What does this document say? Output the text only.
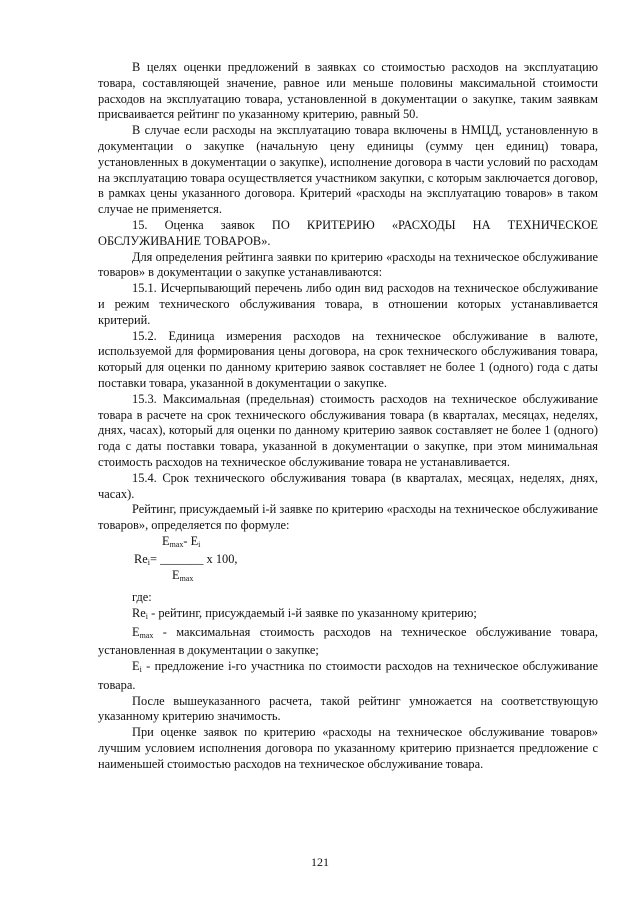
В целях оценки предложений в заявках со стоимостью расходов на эксплуатацию товара, составляющей значение, равное или меньше половины максимальной стоимости расходов на эксплуатацию товара, установленной в документации о закупке, таким заявкам присваивается рейтинг по указанному критерию, равный 50.

В случае если расходы на эксплуатацию товара включены в НМЦД, установленную в документации о закупке (начальную цену единицы (сумму цен единиц) товара, установленных в документации о закупке), исполнение договора в части условий по расходам на эксплуатацию товара осуществляется участником закупки, с которым заключается договор, в рамках цены указанного договора. Критерий «расходы на эксплуатацию товаров» в таком случае не применяется.

15. Оценка заявок ПО КРИТЕРИЮ «РАСХОДЫ НА ТЕХНИЧЕСКОЕ ОБСЛУЖИВАНИЕ ТОВАРОВ».

Для определения рейтинга заявки по критерию «расходы на техническое обслуживание товаров» в документации о закупке устанавливаются:

15.1. Исчерпывающий перечень либо один вид расходов на техническое обслуживание и режим технического обслуживания товара, в отношении которых устанавливается критерий.

15.2. Единица измерения расходов на техническое обслуживание в валюте, используемой для формирования цены договора, на срок технического обслуживания товара, который для оценки по данному критерию заявок составляет не более 1 (одного) года с даты поставки товара, указанной в документации о закупке.

15.3. Максимальная (предельная) стоимость расходов на техническое обслуживание товара в расчете на срок технического обслуживания товара (в кварталах, месяцах, неделях, днях, часах), который для оценки по данному критерию заявок составляет не более 1 (одного) года с даты поставки товара, указанной в документации о закупке, при этом минимальная стоимость расходов на техническое обслуживание товара не устанавливается.

15.4. Срок технического обслуживания товара (в кварталах, месяцах, неделях, днях, часах).

Рейтинг, присуждаемый i-й заявке по критерию «расходы на техническое обслуживание товаров», определяется по формуле:

$E_{max}-$ $E_i$
$Re_i=$ _______ x 100,
$E_{max}$

где:

$Re_i$ - рейтинг, присуждаемый i-й заявке по указанному критерию;

$E_{max}$ - максимальная стоимость расходов на техническое обслуживание товара, установленная в документации о закупке;

$E_i$ - предложение i-го участника по стоимости расходов на техническое обслуживание товара.

После вышеуказанного расчета, такой рейтинг умножается на соответствующую указанному критерию значимость.

При оценке заявок по критерию «расходы на техническое обслуживание товаров» лучшим условием исполнения договора по указанному критерию признается предложение с наименьшей стоимостью расходов на техническое обслуживание товара.

121
